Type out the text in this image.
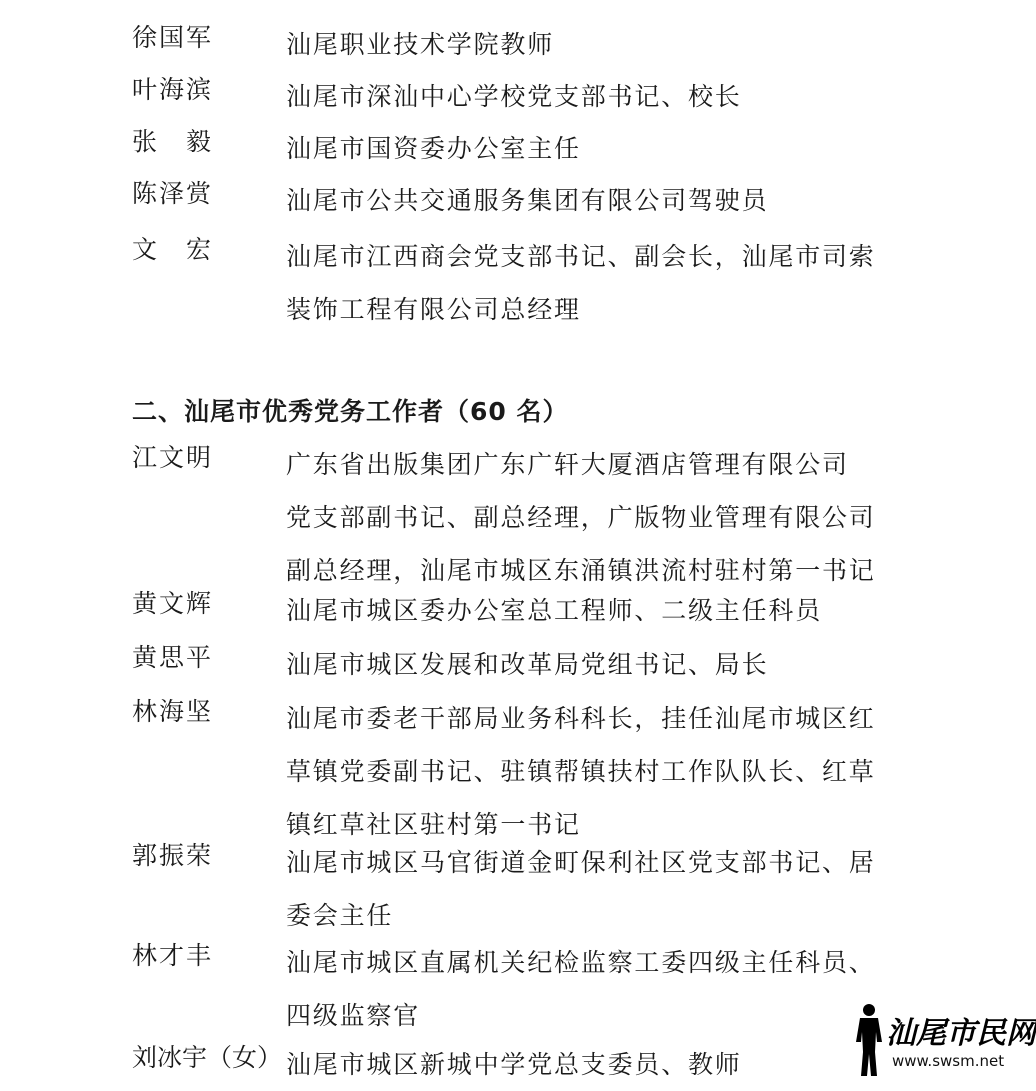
徐国军	汕尾职业技术学院教师
叶海滨	汕尾市深汕中心学校党支部书记、校长
张　毅	汕尾市国资委办公室主任
陈泽赏	汕尾市公共交通服务集团有限公司驾驶员
文　宏	汕尾市江西商会党支部书记、副会长，汕尾市司索
装饰工程有限公司总经理
二、汕尾市优秀党务工作者（60 名）
江文明	广东省出版集团广东广轩大厦酒店管理有限公司
党支部副书记、副总经理，广版物业管理有限公司
副总经理，汕尾市城区东涌镇洪流村驻村第一书记
黄文辉	汕尾市城区委办公室总工程师、二级主任科员
黄思平	汕尾市城区发展和改革局党组书记、局长
林海坚	汕尾市委老干部局业务科科长，挂任汕尾市城区红
草镇党委副书记、驻镇帮镇扶村工作队队长、红草
镇红草社区驻村第一书记
郭振荣	汕尾市城区马官街道金町保利社区党支部书记、居
委会主任
林才丰	汕尾市城区直属机关纪检监察工委四级主任科员、
四级监察官
刘冰宇（女） 汕尾市城区新城中学党总支委员、教师
汕尾市民网
www.swsm.net
